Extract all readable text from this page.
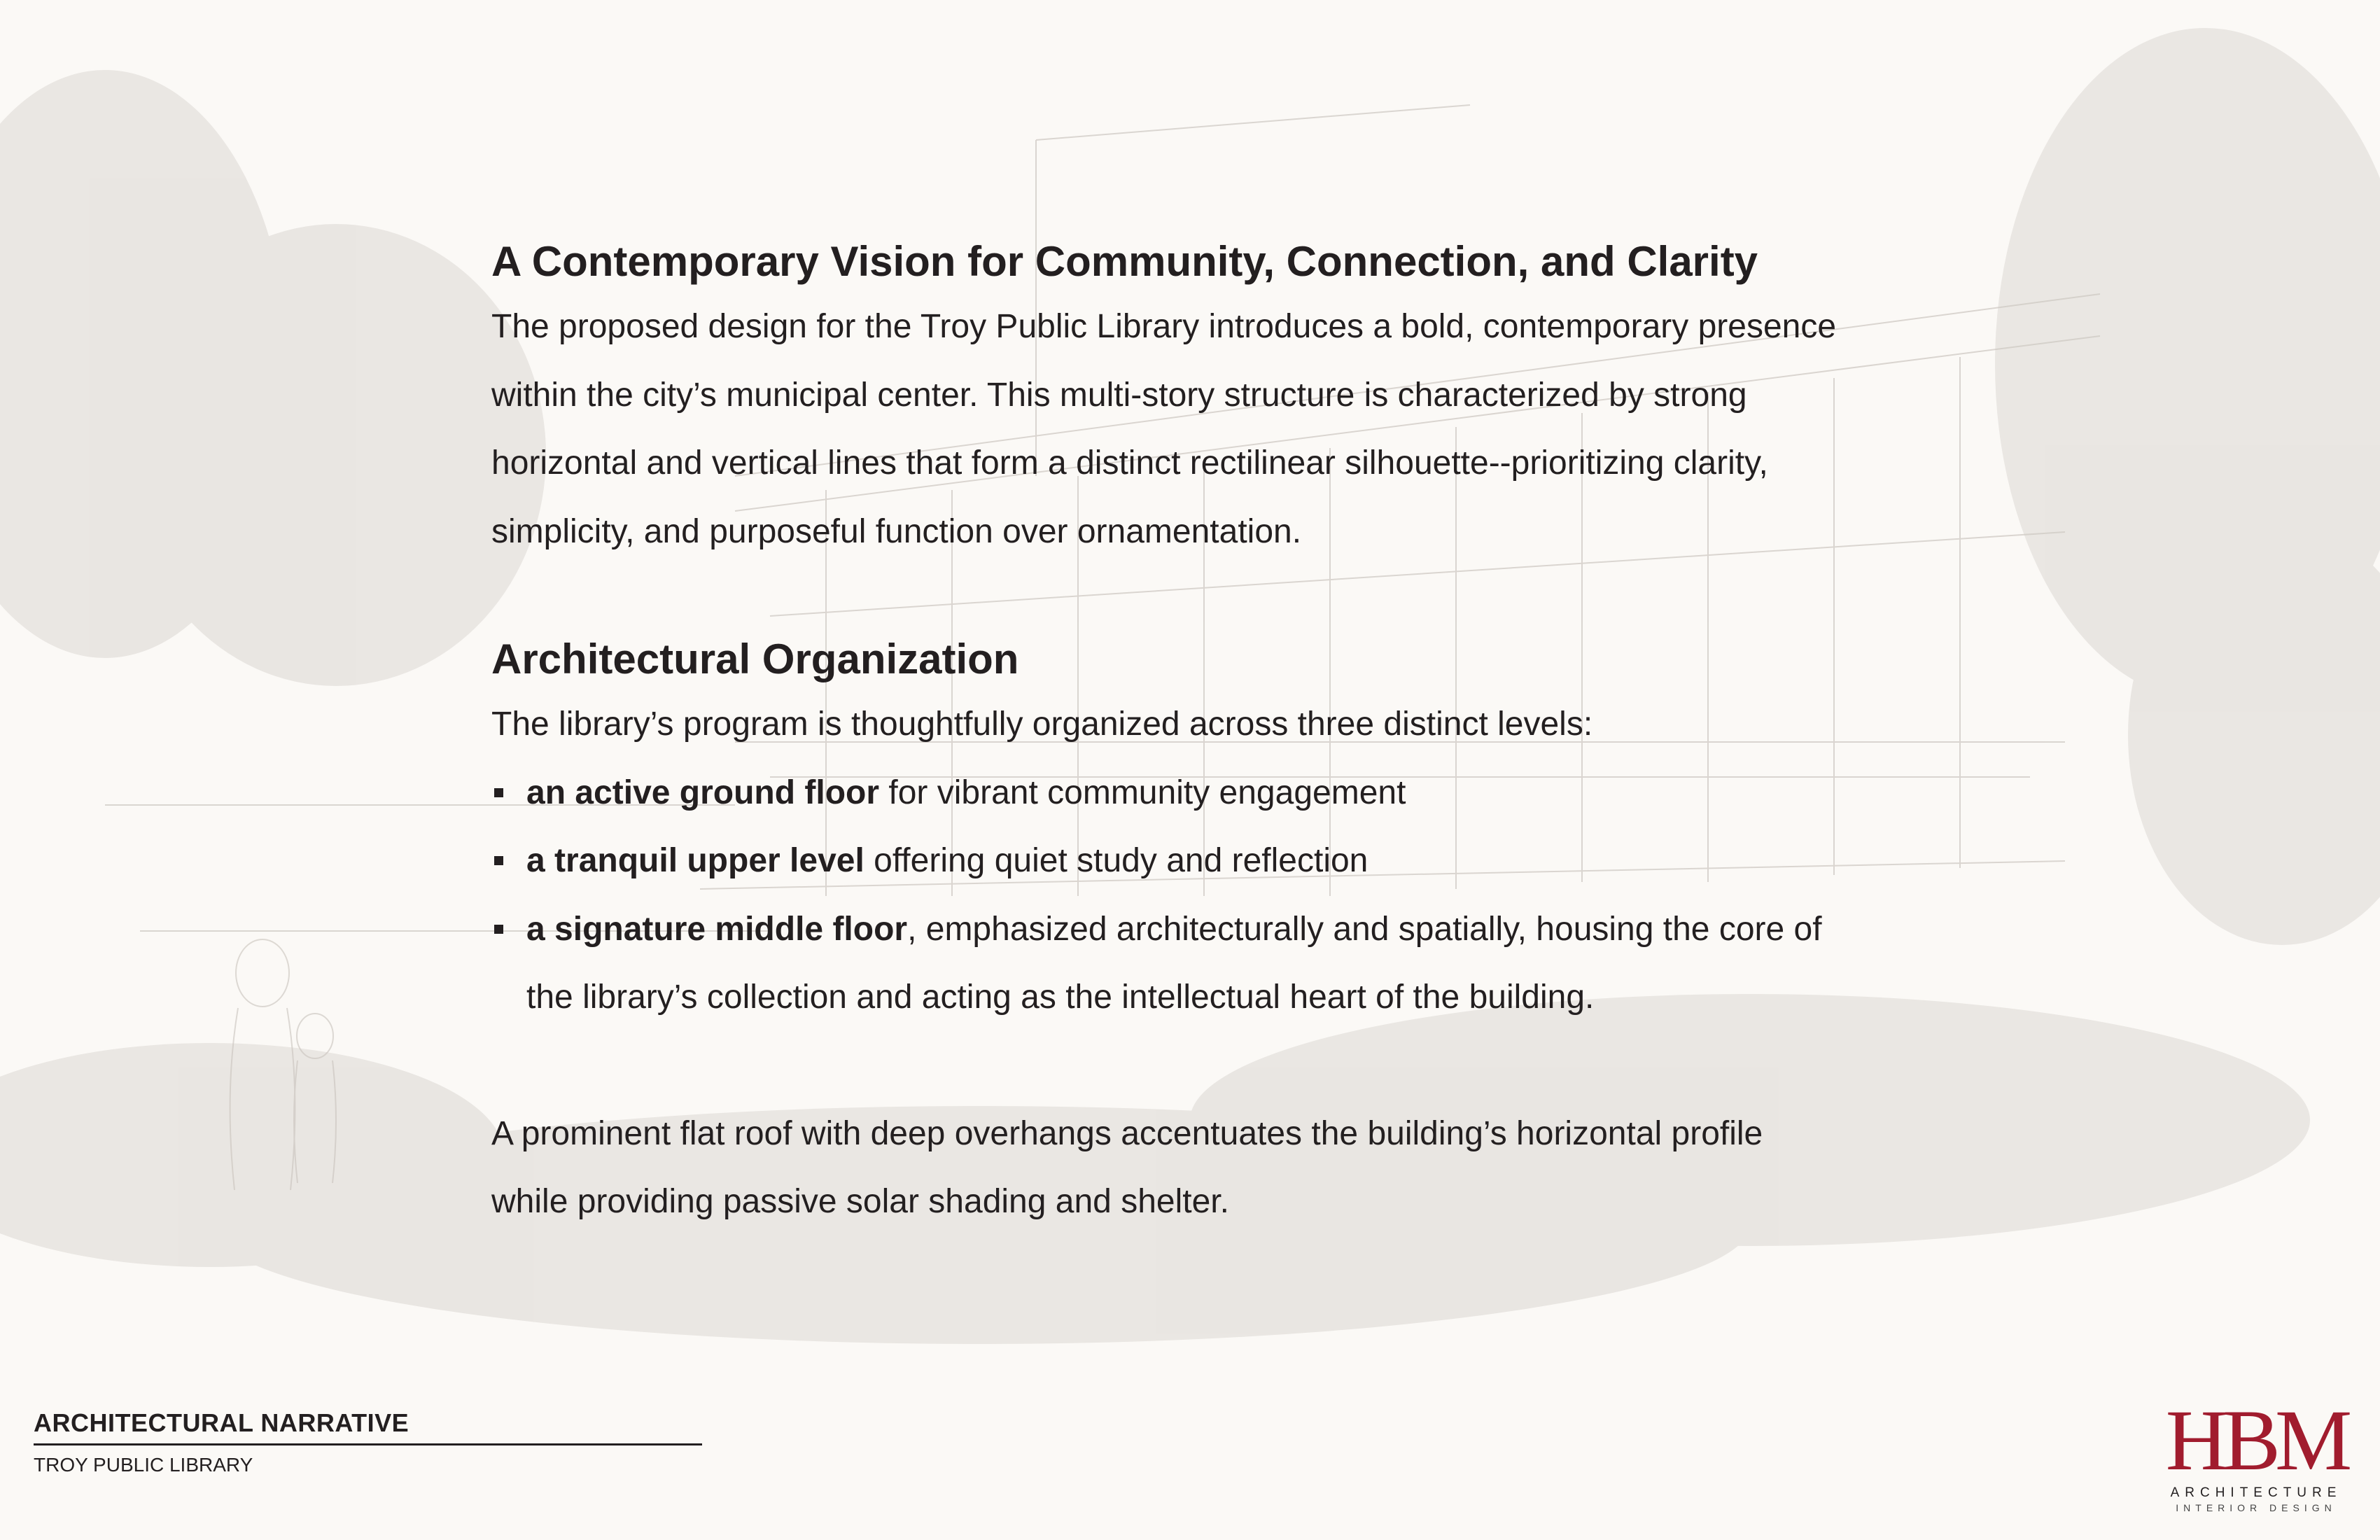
A Contemporary Vision for Community, Connection, and Clarity

The proposed design for the Troy Public Library introduces a bold, contemporary presence
within the city’s municipal center. This multi-story structure is characterized by strong
horizontal and vertical lines that form a distinct rectilinear silhouette--prioritizing clarity,
simplicity, and purposeful function over ornamentation.

Architectural Organization

The library’s program is thoughtfully organized across three distinct levels:

an active ground floor for vibrant community engagement
a tranquil upper level offering quiet study and reflection
a signature middle floor, emphasized architecturally and spatially, housing the core of
the library’s collection and acting as the intellectual heart of the building.

A prominent flat roof with deep overhangs accentuates the building’s horizontal profile
while providing passive solar shading and shelter.

ARCHITECTURAL NARRATIVE
TROY PUBLIC LIBRARY	HBM
ARCHITECTURE
INTERIOR DESIGN
